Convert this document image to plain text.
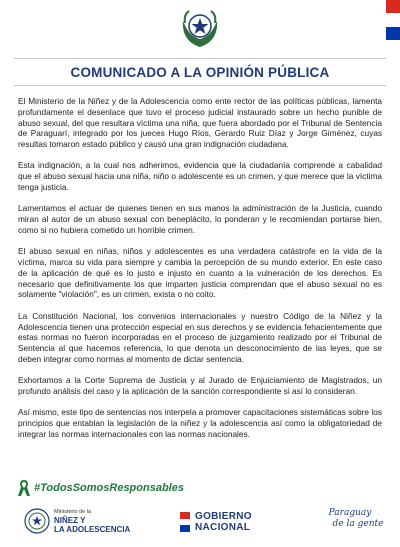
COMUNICADO A LA OPINIÓN PÚBLICA

El Ministerio de la Niñez y de la Adolescencia como ente rector de las políticas públicas, lamenta profundamente el desenlace que tuvo el proceso judicial instaurado sobre un hecho punible de abuso sexual, del que resultara víctima una niña, que fuera abordado por el Tribunal de Sentencia de Paraguarí, integrado por los jueces Hugo Ríos, Gerardo Ruiz Díaz y Jorge Giménez, cuyas resultas tomaron estado público y causó una gran indignación ciudadana.

Esta indignación, a la cual nos adherimos, evidencia que la ciudadanía comprende a cabalidad que el abuso sexual hacia una niña, niño o adolescente es un crimen, y que merece que la víctima tenga justicia.

Lamentamos el actuar de quienes tienen en sus manos la administración de la Justicia, cuando miran al autor de un abuso sexual con beneplácito, lo ponderan y le recomiendan portarse bien, como si no hubiera cometido un horrible crimen.

El abuso sexual en niñas, niños y adolescentes es una verdadera catástrofe en la vida de la víctima, marca su vida para siempre y cambia la percepción de su mundo exterior. En este caso de la aplicación de qué es lo justo e injusto en cuanto a la vulneración de los derechos. Es necesario que definitivamente los que imparten justicia comprendan que el abuso sexual no es solamente "violación", es un crimen, exista o no coito.

La Constitución Nacional, los convenios internacionales y nuestro Código de la Niñez y la Adolescencia tienen una protección especial en sus derechos y se evidencia fehacientemente que estas normas no fueron incorporadas en el proceso de juzgamiento realizado por el Tribunal de Sentencia al que hacemos referencia, lo que denota un desconocimiento de las leyes, que se deben integrar como normas al momento de dictar sentencia.

Exhortamos a la Corte Suprema de Justicia y al Jurado de Enjuiciamiento de Magistrados, un profundo análisis del caso y la aplicación de la sanción correspondiente si así lo consideran.

Así mismo, este tipo de sentencias nos interpela a promover capacitaciones sistemáticas sobre los principios que entablan la legislación de la niñez y la adolescencia así como la obligatoriedad de integrar las normas internacionales con las normas nacionales.

#TodosSomosResponsables
Ministerio de la
NIÑEZ Y
LA ADOLESCENCIA
GOBIERNO
NACIONAL
Paraguay
de la gente
